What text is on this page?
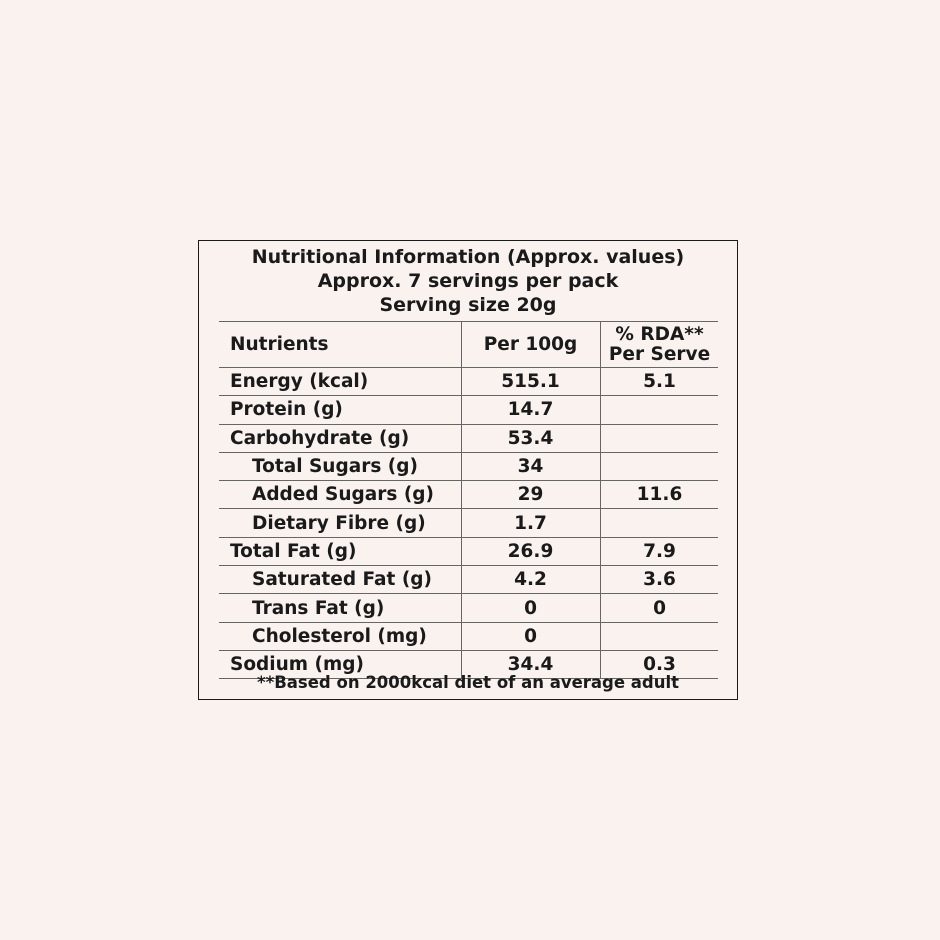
Nutritional Information (Approx. values)
Approx. 7 servings per pack
Serving size 20g
Nutrients	Per 100g	% RDA**
Per Serve
Energy (kcal)	515.1	5.1
Protein (g)	14.7
Carbohydrate (g)	53.4
Total Sugars (g)	34
Added Sugars (g)	29	11.6
Dietary Fibre (g)	1.7
Total Fat (g)	26.9	7.9
Saturated Fat (g)	4.2	3.6
Trans Fat (g)	0	0
Cholesterol (mg)	0
Sodium (mg)	34.4	0.3
**Based on 2000kcal diet of an average adult
